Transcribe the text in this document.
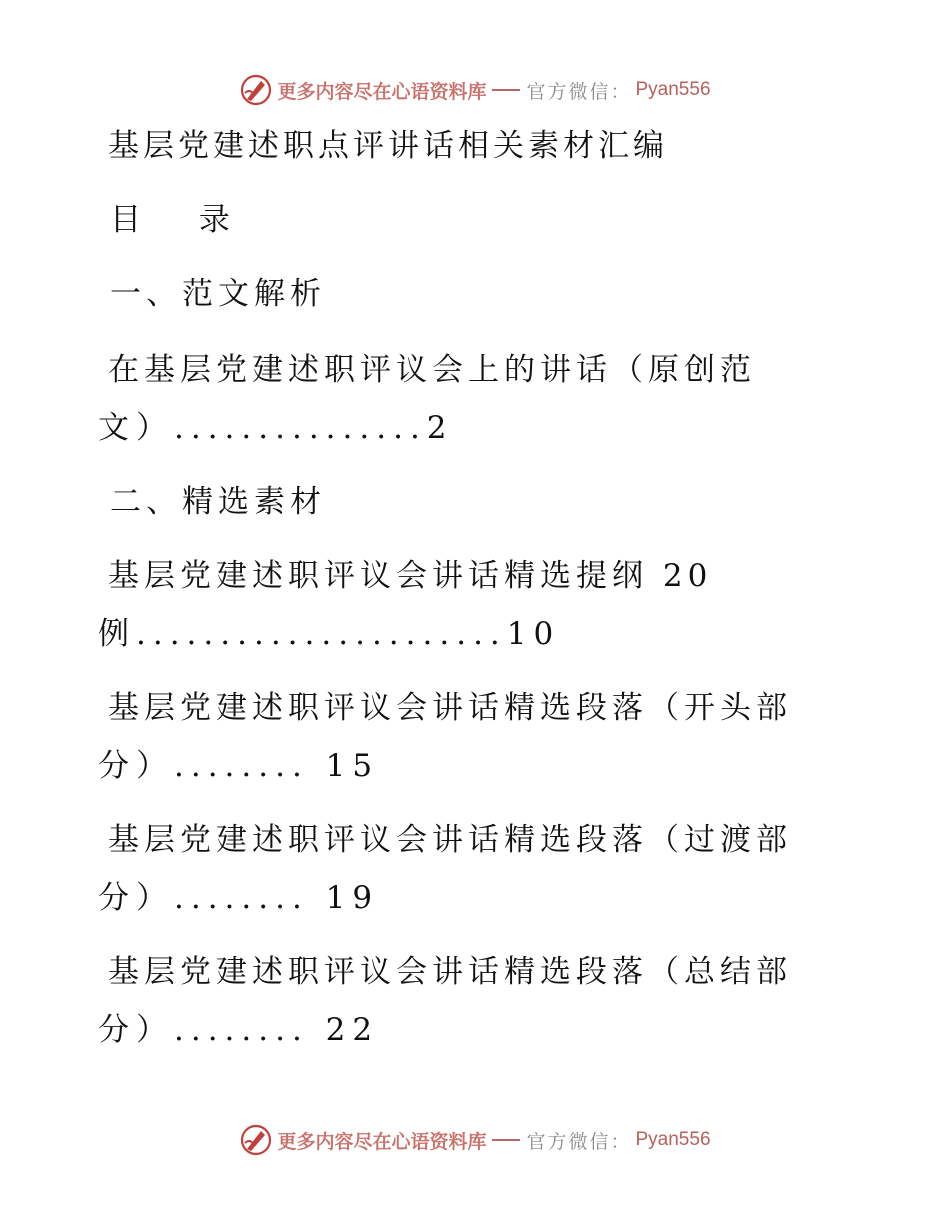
更多内容尽在心语资料库 官方微信： Pyan556
基层党建述职点评讲话相关素材汇编
目 录
一、范文解析
在基层党建述职评议会上的讲话（原创范
文）...............2
二、精选素材
基层党建述职评议会讲话精选提纲 20
例......................10
基层党建述职评议会讲话精选段落（开头部
分）........ 15
基层党建述职评议会讲话精选段落（过渡部
分）........ 19
基层党建述职评议会讲话精选段落（总结部
分）........ 22
更多内容尽在心语资料库 官方微信： Pyan556
